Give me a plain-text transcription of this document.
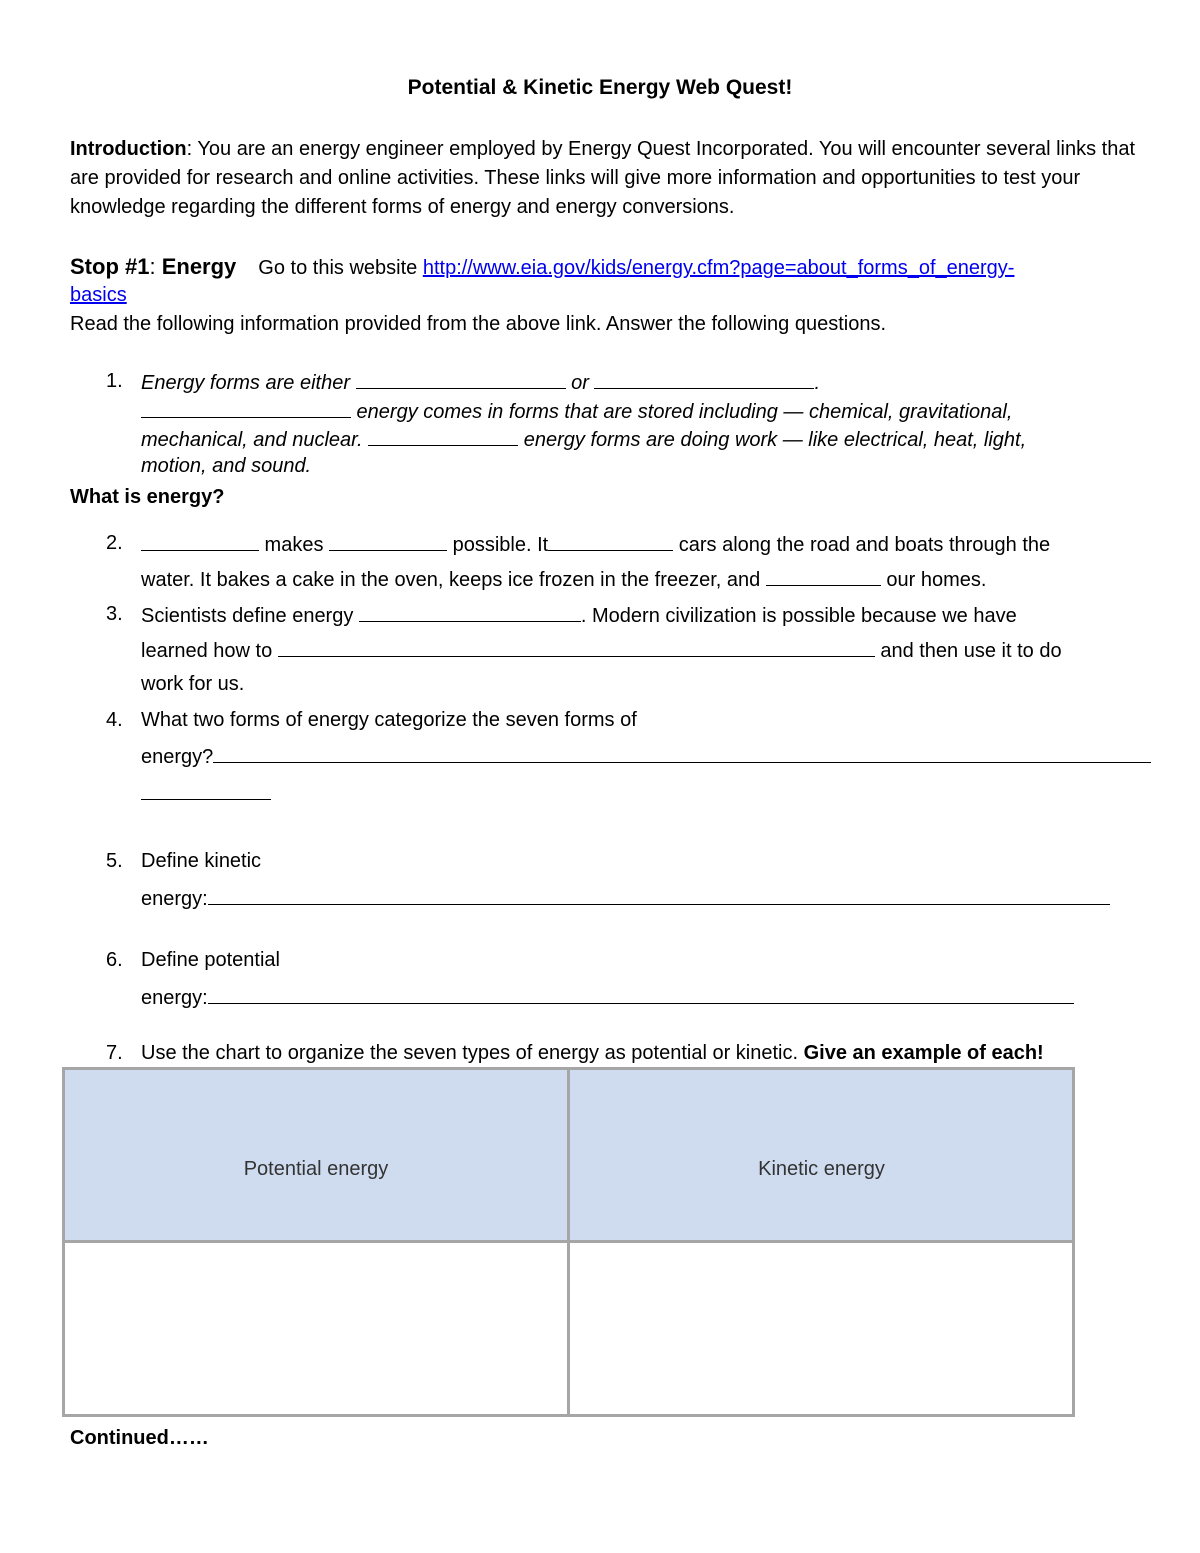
Potential & Kinetic Energy Web Quest!
Introduction: You are an energy engineer employed by Energy Quest Incorporated. You will encounter several links that are provided for research and online activities. These links will give more information and opportunities to test your knowledge regarding the different forms of energy and energy conversions.
Stop #1: Energy Go to this website http://www.eia.gov/kids/energy.cfm?page=about_forms_of_energy-
basics
Read the following information provided from the above link. Answer the following questions.
1. Energy forms are either	or	.
energy comes in forms that are stored including — chemical, gravitational,
mechanical, and nuclear.	energy forms are doing work — like electrical, heat, light,
motion, and sound.
What is energy?
2.	makes	possible. It	cars along the road and boats through the
water. It bakes a cake in the oven, keeps ice frozen in the freezer, and	our homes.
3. Scientists define energy	. Modern civilization is possible because we have
learned how to	and then use it to do
work for us.
4. What two forms of energy categorize the seven forms of
energy?
5. Define kinetic
energy:
6. Define potential
energy:
7. Use the chart to organize the seven types of energy as potential or kinetic. Give an example of each!
Potential energy	Kinetic energy
Continued……
